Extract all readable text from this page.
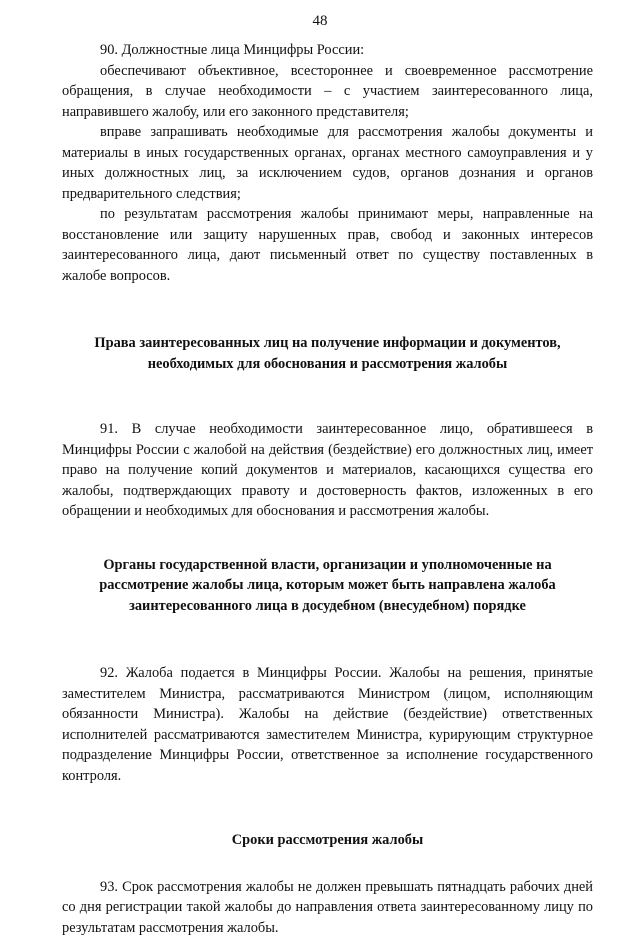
48

90. Должностные лица Минцифры России:

обеспечивают объективное, всестороннее и своевременное рассмотрение обращения, в случае необходимости – с участием заинтересованного лица, направившего жалобу, или его законного представителя;

вправе запрашивать необходимые для рассмотрения жалобы документы и материалы в иных государственных органах, органах местного самоуправления и у иных должностных лиц, за исключением судов, органов дознания и органов предварительного следствия;

по результатам рассмотрения жалобы принимают меры, направленные на восстановление или защиту нарушенных прав, свобод и законных интересов заинтересованного лица, дают письменный ответ по существу поставленных в жалобе вопросов.

Права заинтересованных лиц на получение информации и документов,
необходимых для обоснования и рассмотрения жалобы

91. В случае необходимости заинтересованное лицо, обратившееся в Минцифры России с жалобой на действия (бездействие) его должностных лиц, имеет право на получение копий документов и материалов, касающихся существа его жалобы, подтверждающих правоту и достоверность фактов, изложенных в его обращении и необходимых для обоснования и рассмотрения жалобы.

Органы государственной власти, организации и уполномоченные на
рассмотрение жалобы лица, которым может быть направлена жалоба
заинтересованного лица в досудебном (внесудебном) порядке

92. Жалоба подается в Минцифры России. Жалобы на решения, принятые заместителем Министра, рассматриваются Министром (лицом, исполняющим обязанности Министра). Жалобы на действие (бездействие) ответственных исполнителей рассматриваются заместителем Министра, курирующим структурное подразделение Минцифры России, ответственное за исполнение государственного контроля.

Сроки рассмотрения жалобы

93. Срок рассмотрения жалобы не должен превышать пятнадцать рабочих дней со дня регистрации такой жалобы до направления ответа заинтересованному лицу по результатам рассмотрения жалобы.
